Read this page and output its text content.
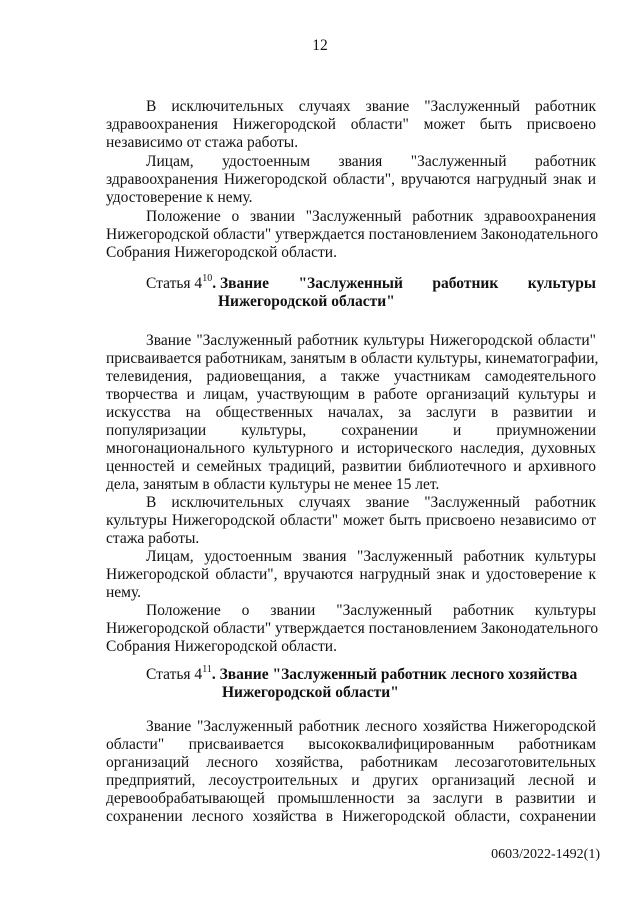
12
В исключительных случаях звание "Заслуженный работник
здравоохранения Нижегородской области" может быть присвоено
независимо от стажа работы.
Лицам, удостоенным звания "Заслуженный работник
здравоохранения Нижегородской области", вручаются нагрудный знак и
удостоверение к нему.
Положение о звании "Заслуженный работник здравоохранения
Нижегородской области" утверждается постановлением Законодательного
Собрания Нижегородской области.
Статья $4^{10}$. Звание "Заслуженный работник культуры
Нижегородской области"
Звание "Заслуженный работник культуры Нижегородской области"
присваивается работникам, занятым в области культуры, кинематографии,
телевидения, радиовещания, а также участникам самодеятельного
творчества и лицам, участвующим в работе организаций культуры и
искусства на общественных началах, за заслуги в развитии и
популяризации культуры, сохранении и приумножении
многонационального культурного и исторического наследия, духовных
ценностей и семейных традиций, развитии библиотечного и архивного
дела, занятым в области культуры не менее 15 лет.
В исключительных случаях звание "Заслуженный работник
культуры Нижегородской области" может быть присвоено независимо от
стажа работы.
Лицам, удостоенным звания "Заслуженный работник культуры
Нижегородской области", вручаются нагрудный знак и удостоверение к
нему.
Положение о звании "Заслуженный работник культуры
Нижегородской области" утверждается постановлением Законодательного
Собрания Нижегородской области.
Статья $4^{11}$. Звание "Заслуженный работник лесного хозяйства
Нижегородской области"
Звание "Заслуженный работник лесного хозяйства Нижегородской
области" присваивается высококвалифицированным работникам
организаций лесного хозяйства, работникам лесозаготовительных
предприятий, лесоустроительных и других организаций лесной и
деревообрабатывающей промышленности за заслуги в развитии и
сохранении лесного хозяйства в Нижегородской области, сохранении
0603/2022-1492(1)
